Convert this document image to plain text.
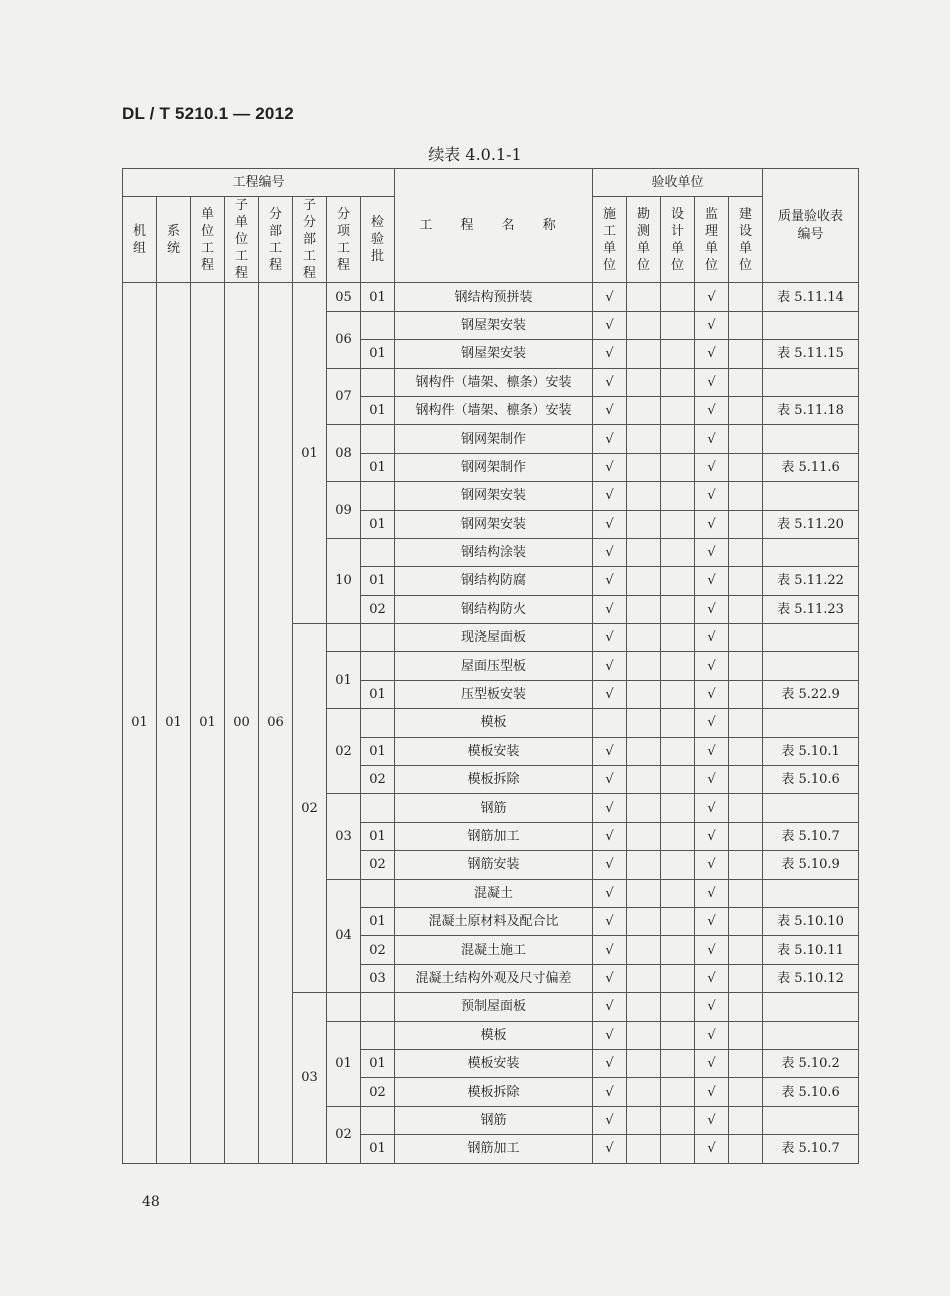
DL / T 5210.1 — 2012
续表 4.0.1-1
工程编号								工 程 名 称	验收单位					质量验收表编号

机组	系统	单位工程	子单位工程	分部工程	子分部工程	分项工程	检验批		施工单位	勘测单位	设计单位	监理单位	建设单位	

01	01	01	00	06	01	05	01	钢结构预拼装	√			√		表 5.11.14
						06		钢屋架安装	√			√		
							01	钢屋架安装	√			√		表 5.11.15
						07		钢构件（墙架、檩条）安装	√			√		
							01	钢构件（墙架、檩条）安装	√			√		表 5.11.18
						08		钢网架制作	√			√		
							01	钢网架制作	√			√		表 5.11.6
						09		钢网架安装	√			√		
							01	钢网架安装	√			√		表 5.11.20
						10		钢结构涂装	√			√		
							01	钢结构防腐	√			√		表 5.11.22
							02	钢结构防火	√			√		表 5.11.23
					02			现浇屋面板	√			√		
						01		屋面压型板	√			√		
							01	压型板安装	√			√		表 5.22.9
						02		模板				√		
							01	模板安装	√			√		表 5.10.1
							02	模板拆除	√			√		表 5.10.6
						03		钢筋	√			√		
							01	钢筋加工	√			√		表 5.10.7
							02	钢筋安装	√			√		表 5.10.9
						04		混凝土	√			√		
							01	混凝土原材料及配合比	√			√		表 5.10.10
							02	混凝土施工	√			√		表 5.10.11
							03	混凝土结构外观及尺寸偏差	√			√		表 5.10.12
					03			预制屋面板	√			√		
						01		模板	√			√		
							01	模板安装	√			√		表 5.10.2
							02	模板拆除	√			√		表 5.10.6
						02		钢筋	√			√		
							01	钢筋加工	√			√		表 5.10.7
48
